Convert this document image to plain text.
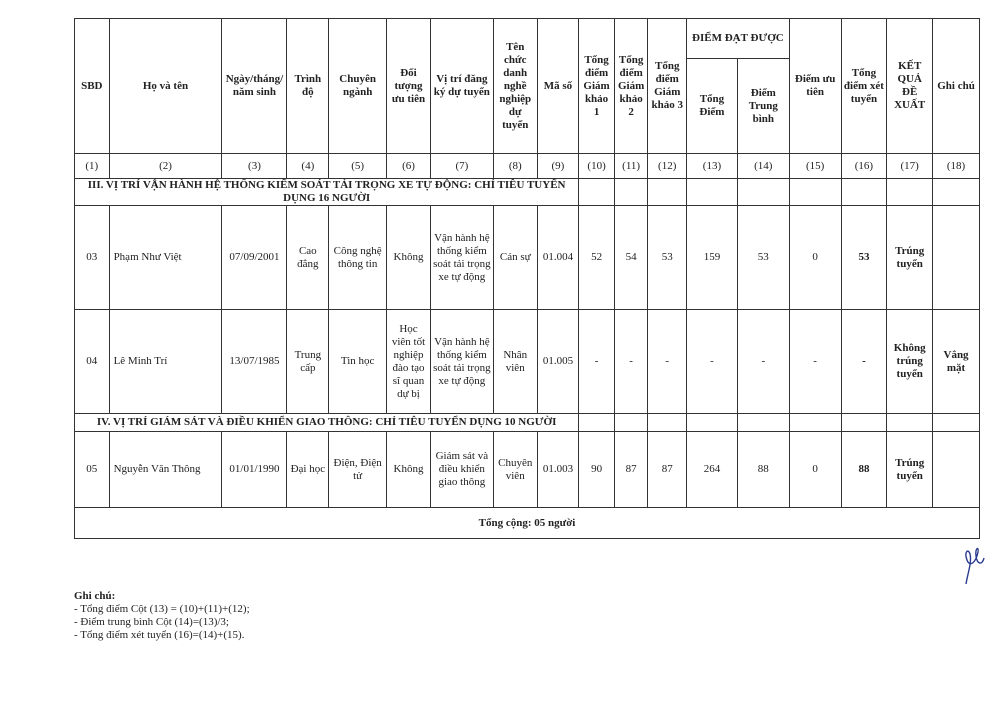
SBD	Họ và tên	Ngày/tháng/ năm sinh	Trình độ	Chuyên ngành	Đối tượng ưu tiên	Vị trí đăng ký dự tuyển	Tên chức danh nghề nghiệp dự tuyển	Mã số	Tổng điểm Giám khảo 1	Tổng điểm Giám khảo 2	Tổng điểm Giám khảo 3	ĐIỂM ĐẠT ĐƯỢC		Điểm ưu tiên	Tổng điểm xét tuyển	KẾT QUẢ ĐỀ XUẤT	Ghi chú
												Tổng Điểm	Điểm Trung bình				
(1)	(2)	(3)	(4)	(5)	(6)	(7)	(8)	(9)	(10)	(11)	(12)	(13)	(14)	(15)	(16)	(17)	(18)
III. VỊ TRÍ VẬN HÀNH HỆ THỐNG KIỂM SOÁT TẢI TRỌNG XE TỰ ĐỘNG: CHỈ TIÊU TUYỂN DỤNG 16 NGƯỜI																	
03	Phạm Như Việt	07/09/2001	Cao đẳng	Công nghệ thông tin	Không	Vận hành hệ thống kiểm soát tải trọng xe tự động	Cán sự	01.004	52	54	53	159	53	0	53	Trúng tuyển	
04	Lê Minh Trí	13/07/1985	Trung cấp	Tin học	Học viên tốt nghiệp đào tạo sĩ quan dự bị	Vận hành hệ thống kiểm soát tải trọng xe tự động	Nhân viên	01.005	-	-	-	-	-	-	-	Không trúng tuyển	Vắng mặt
IV. VỊ TRÍ GIÁM SÁT VÀ ĐIỀU KHIỂN GIAO THÔNG: CHỈ TIÊU TUYỂN DỤNG 10 NGƯỜI																	
05	Nguyễn Văn Thông	01/01/1990	Đại học	Điện, Điện tử	Không	Giám sát và điều khiển giao thông	Chuyên viên	01.003	90	87	87	264	88	0	88	Trúng tuyển	
Tổng cộng: 05 người																	
Ghi chú:
- Tổng điểm Cột (13) = (10)+(11)+(12);
- Điểm trung bình Cột (14)=(13)/3;
- Tổng điểm xét tuyển (16)=(14)+(15).
